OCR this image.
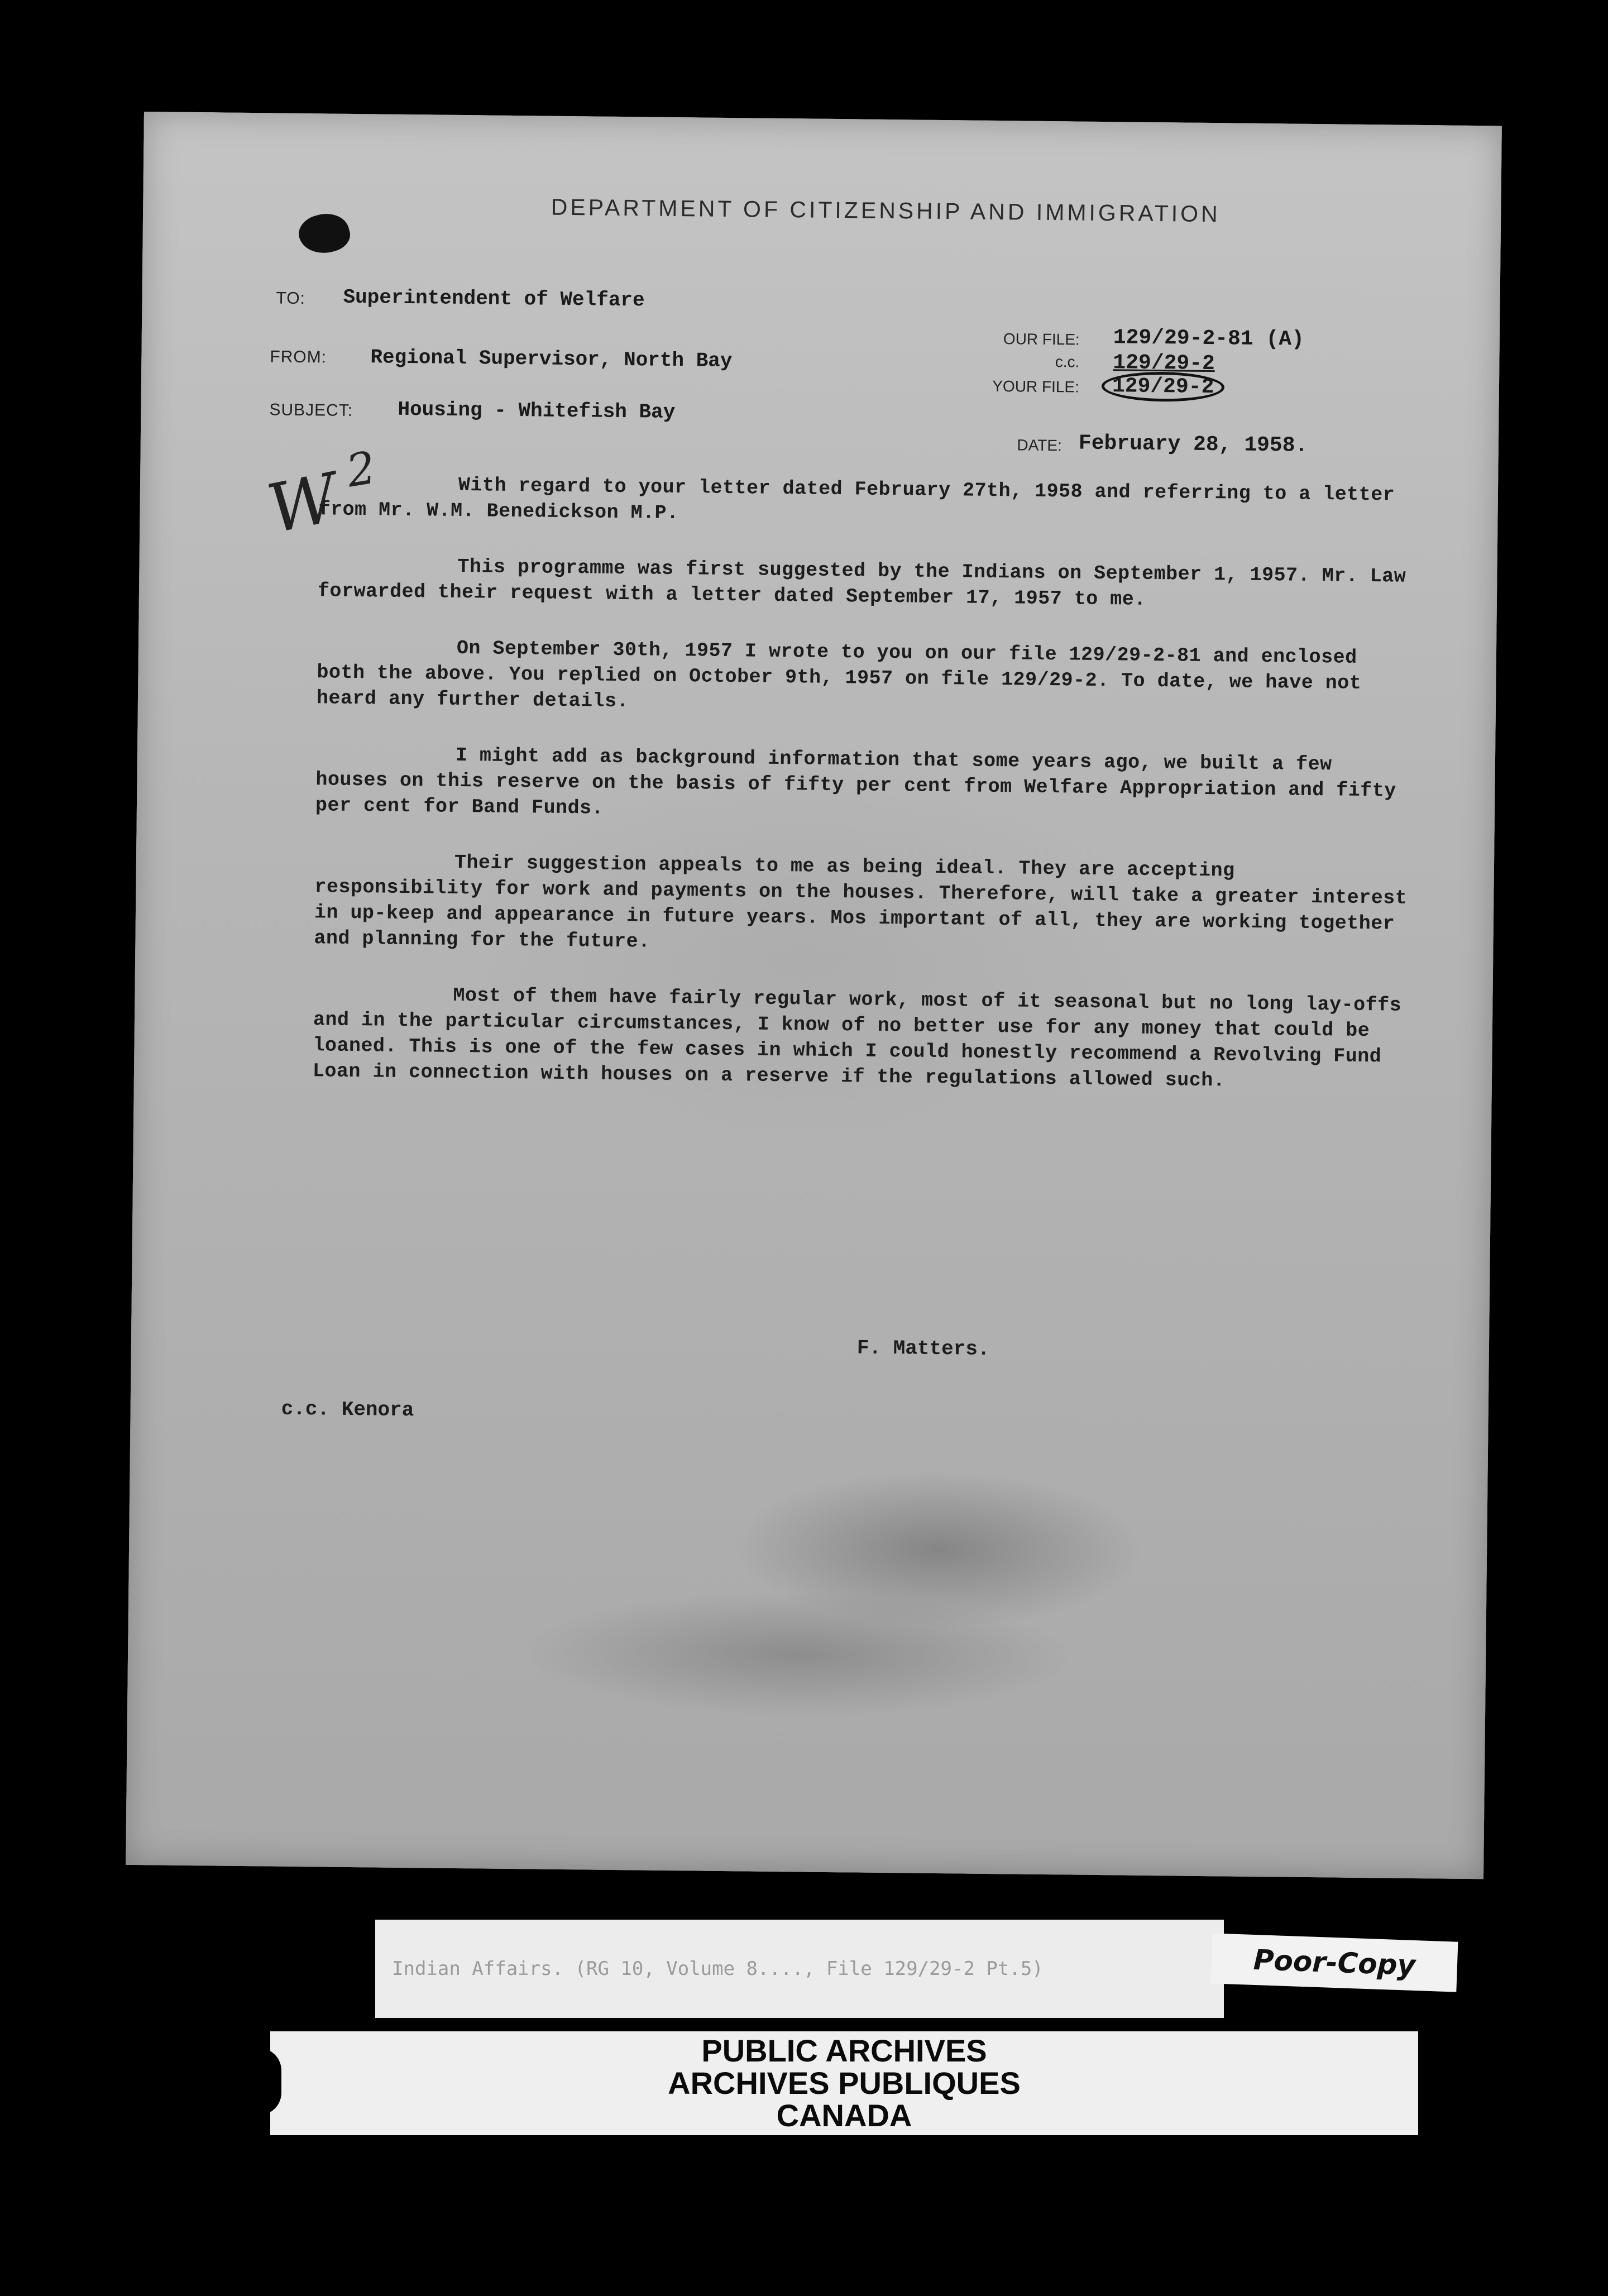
DEPARTMENT OF CITIZENSHIP AND IMMIGRATION
TO: Superintendent of Welfare
FROM: Regional Supervisor, North Bay
SUBJECT: Housing - Whitefish Bay
OUR FILE: 129/29-2-81 (A)
c.c. 129/29-2
YOUR FILE:	129/29-2
DATE: February 28, 1958.
W
2	With regard to your letter dated February 27th, 1958 and referring to a letter from Mr. W.M. Benedickson M.P.

This programme was first suggested by the Indians on September 1, 1957. Mr. Law forwarded their request with a letter dated September 17, 1957 to me.

On September 30th, 1957 I wrote to you on our file 129/29-2-81 and enclosed both the above. You replied on October 9th, 1957 on file 129/29-2. To date, we have not heard any further details.

I might add as background information that some years ago, we built a few houses on this reserve on the basis of fifty per cent from Welfare Appropriation and fifty per cent for Band Funds.

Their suggestion appeals to me as being ideal. They are accepting responsibility for work and payments on the houses. Therefore, will take a greater interest in up-keep and appearance in future years. Mos important of all, they are working together and planning for the future.

Most of them have fairly regular work, most of it seasonal but no long lay-offs and in the particular circumstances, I know of no better use for any money that could be loaned. This is one of the few cases in which I could honestly recommend a Revolving Fund Loan in connection with houses on a reserve if the regulations allowed such.

F. Matters.
c.c. Kenora
Indian Affairs. (RG 10, Volume 8...., File 129/29-2 Pt.5)	Poor-Copy
PUBLIC ARCHIVES
ARCHIVES PUBLIQUES
CANADA
